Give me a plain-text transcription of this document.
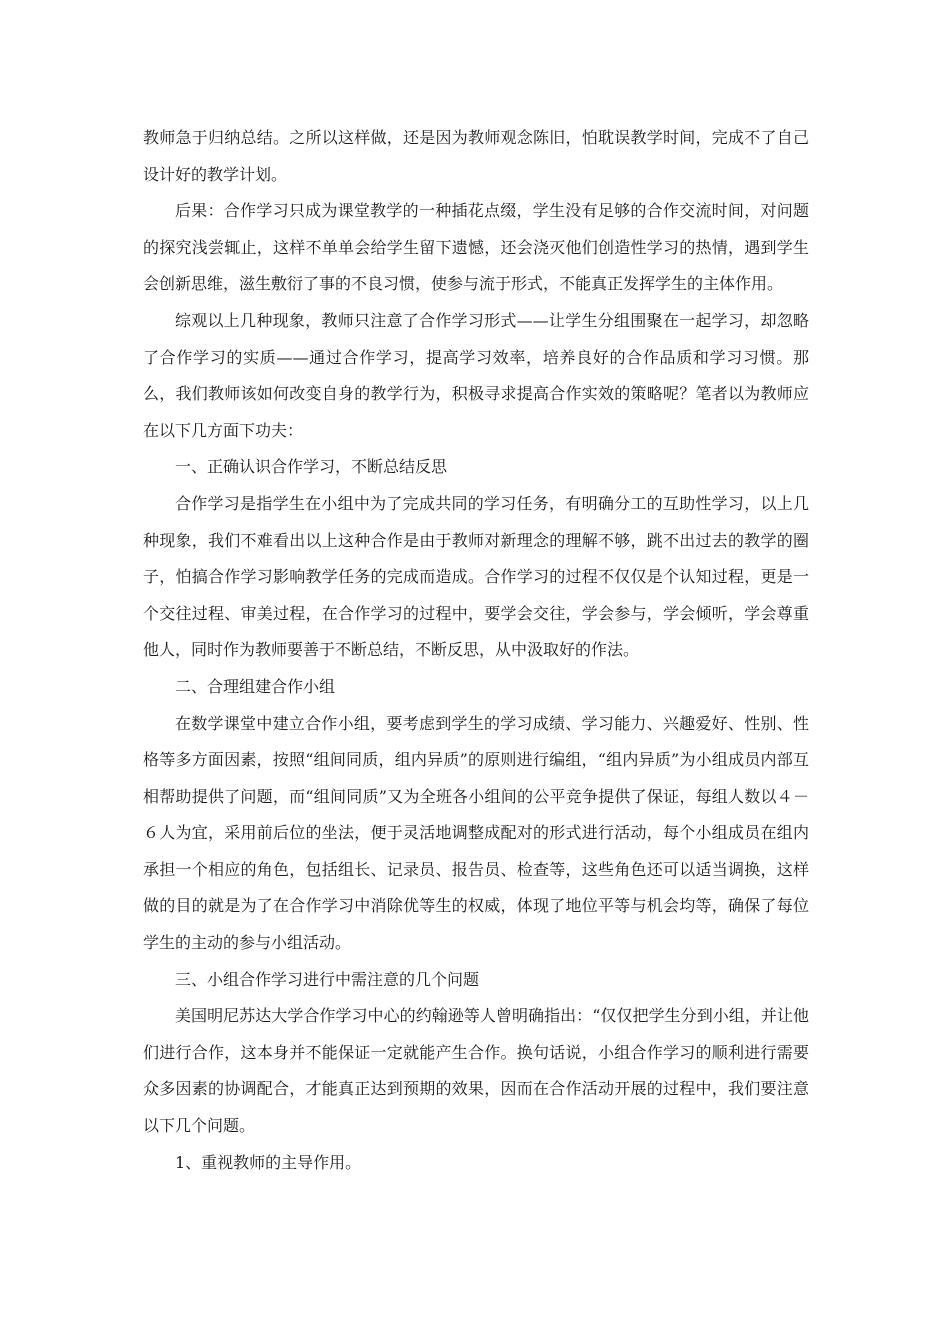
教师急于归纳总结。之所以这样做，还是因为教师观念陈旧，怕耽误教学时间，完成不了自己设计好的教学计划。

后果：合作学习只成为课堂教学的一种插花点缀，学生没有足够的合作交流时间，对问题的探究浅尝辄止，这样不单单会给学生留下遗憾，还会浇灭他们创造性学习的热情，遇到学生会创新思维，滋生敷衍了事的不良习惯，使参与流于形式，不能真正发挥学生的主体作用。

综观以上几种现象，教师只注意了合作学习形式——让学生分组围聚在一起学习，却忽略了合作学习的实质——通过合作学习，提高学习效率，培养良好的合作品质和学习习惯。那么，我们教师该如何改变自身的教学行为，积极寻求提高合作实效的策略呢？笔者以为教师应在以下几方面下功夫：

一、正确认识合作学习，不断总结反思

合作学习是指学生在小组中为了完成共同的学习任务，有明确分工的互助性学习，以上几种现象，我们不难看出以上这种合作是由于教师对新理念的理解不够，跳不出过去的教学的圈子，怕搞合作学习影响教学任务的完成而造成。合作学习的过程不仅仅是个认知过程，更是一个交往过程、审美过程，在合作学习的过程中，要学会交往，学会参与，学会倾听，学会尊重他人，同时作为教师要善于不断总结，不断反思，从中汲取好的作法。

二、合理组建合作小组

在数学课堂中建立合作小组，要考虑到学生的学习成绩、学习能力、兴趣爱好、性别、性格等多方面因素，按照“组间同质，组内异质”的原则进行编组，“组内异质”为小组成员内部互相帮助提供了问题，而“组间同质”又为全班各小组间的公平竞争提供了保证，每组人数以４－６人为宜，采用前后位的坐法，便于灵活地调整成配对的形式进行活动，每个小组成员在组内承担一个相应的角色，包括组长、记录员、报告员、检查等，这些角色还可以适当调换，这样做的目的就是为了在合作学习中消除优等生的权威，体现了地位平等与机会均等，确保了每位学生的主动的参与小组活动。

三、小组合作学习进行中需注意的几个问题

美国明尼苏达大学合作学习中心的约翰逊等人曾明确指出：“仅仅把学生分到小组，并让他们进行合作，这本身并不能保证一定就能产生合作。换句话说，小组合作学习的顺利进行需要众多因素的协调配合，才能真正达到预期的效果，因而在合作活动开展的过程中，我们要注意以下几个问题。

1、重视教师的主导作用。
